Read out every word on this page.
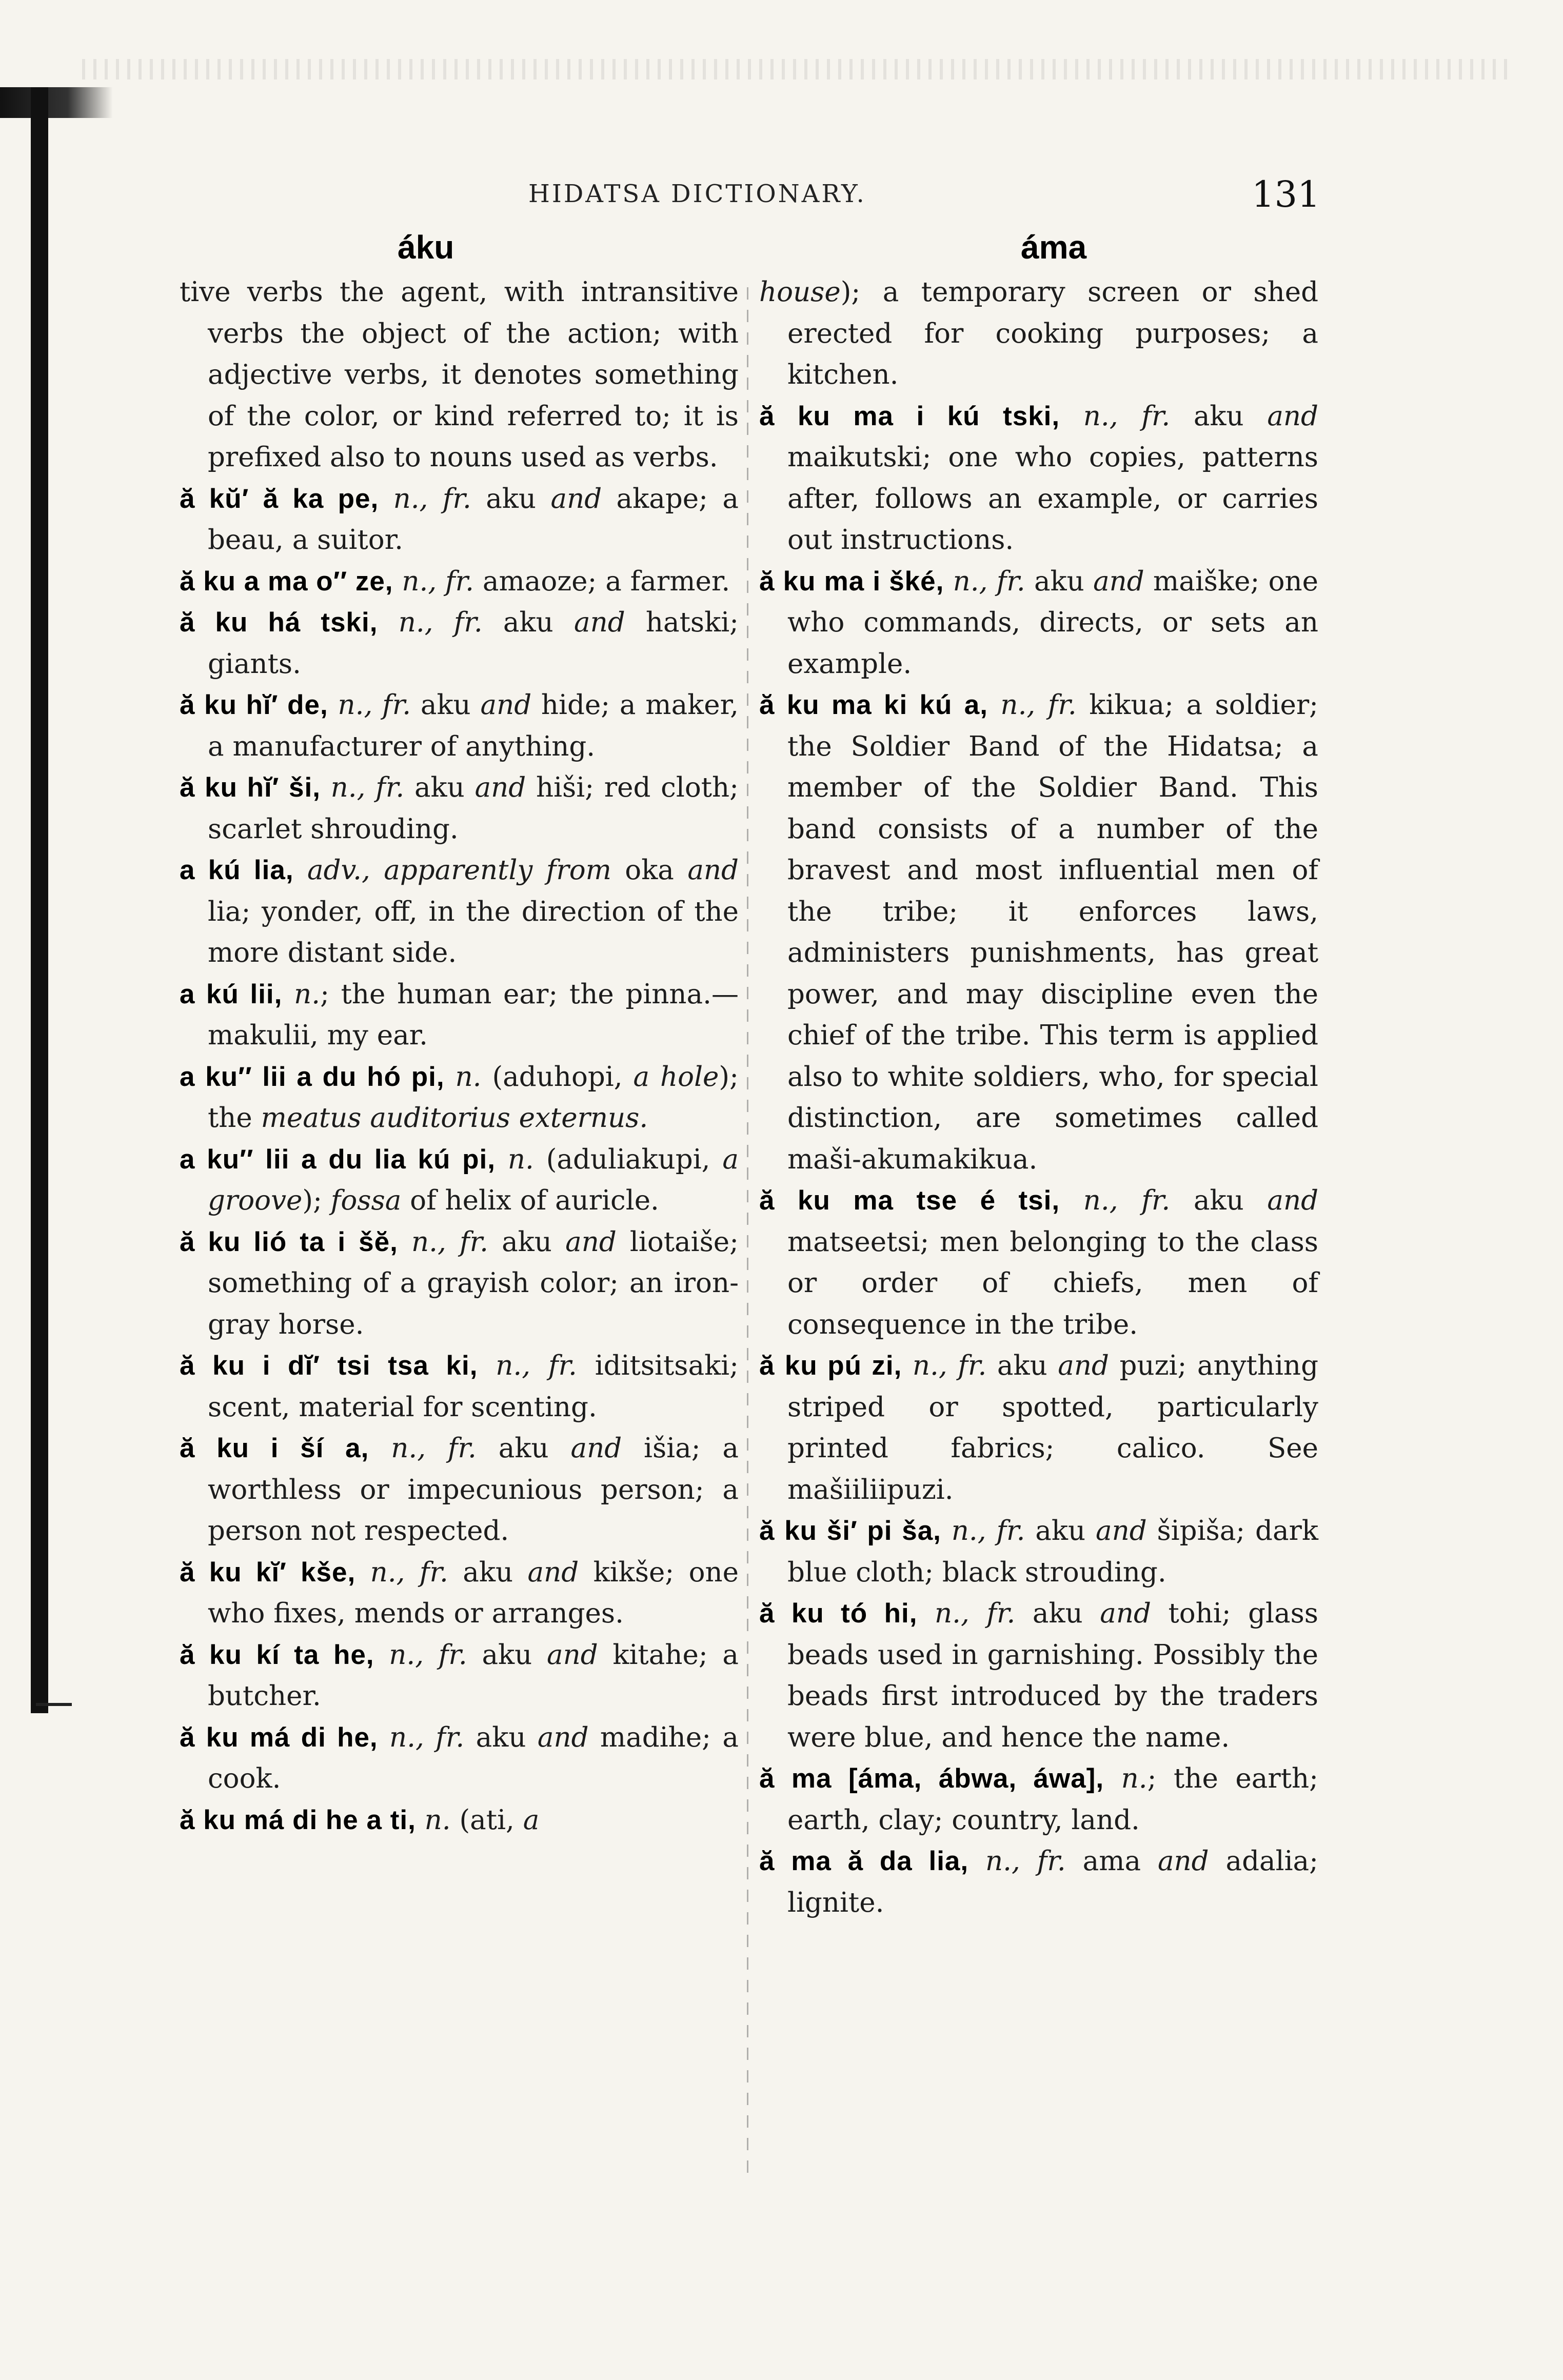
HIDATSA DICTIONARY.	131
áku	áma
tive verbs the agent, with intransitive verbs the object of the action; with adjective verbs, it denotes something of the color, or kind referred to; it is prefixed also to nouns used as verbs.
ă kŭ′ ă ka pe, n., fr. aku and akape; a beau, a suitor.
ă ku a ma o′′ ze, n., fr. amaoze; a farmer.
ă ku há tski, n., fr. aku and hatski; giants.
ă ku hĭ′ de, n., fr. aku and hide; a maker, a manufacturer of anything.
ă ku hĭ′ ši, n., fr. aku and hiši; red cloth; scarlet shrouding.
a kú lia, adv., apparently from oka and lia; yonder, off, in the direction of the more distant side.
a kú lii, n.; the human ear; the pinna.—makulii, my ear.
a ku′′ lii a du hó pi, n. (aduhopi, a hole); the meatus auditorius externus.
a ku′′ lii a du lia kú pi, n. (aduliakupi, a groove); fossa of helix of auricle.
ă ku lió ta i šĕ, n., fr. aku and liotaiše; something of a grayish color; an iron-gray horse.
ă ku i dĭ′ tsi tsa ki, n., fr. iditsitsaki; scent, material for scenting.
ă ku i ší a, n., fr. aku and išia; a worthless or impecunious person; a person not respected.
ă ku kĭ′ kše, n., fr. aku and kikše; one who fixes, mends or arranges.
ă ku kí ta he, n., fr. aku and kitahe; a butcher.
ă ku má di he, n., fr. aku and madihe; a cook.
ă ku má di he a ti, n. (ati, a
house); a temporary screen or shed erected for cooking purposes; a kitchen.
ă ku ma i kú tski, n., fr. aku and maikutski; one who copies, patterns after, follows an example, or carries out instructions.
ă ku ma i šké, n., fr. aku and maiške; one who commands, directs, or sets an example.
ă ku ma ki kú a, n., fr. kikua; a soldier; the Soldier Band of the Hidatsa; a member of the Soldier Band. This band consists of a number of the bravest and most influential men of the tribe; it enforces laws, administers punishments, has great power, and may discipline even the chief of the tribe. This term is applied also to white soldiers, who, for special distinction, are sometimes called maši-akumakikua.
ă ku ma tse é tsi, n., fr. aku and matseetsi; men belonging to the class or order of chiefs, men of consequence in the tribe.
ă ku pú zi, n., fr. aku and puzi; anything striped or spotted, particularly printed fabrics; calico. See mašiiliipuzi.
ă ku ši′ pi ša, n., fr. aku and šipiša; dark blue cloth; black strouding.
ă ku tó hi, n., fr. aku and tohi; glass beads used in garnishing. Possibly the beads first introduced by the traders were blue, and hence the name.
ă ma [áma, ábwa, áwa], n.; the earth; earth, clay; country, land.
ă ma ă da lia, n., fr. ama and adalia; lignite.
